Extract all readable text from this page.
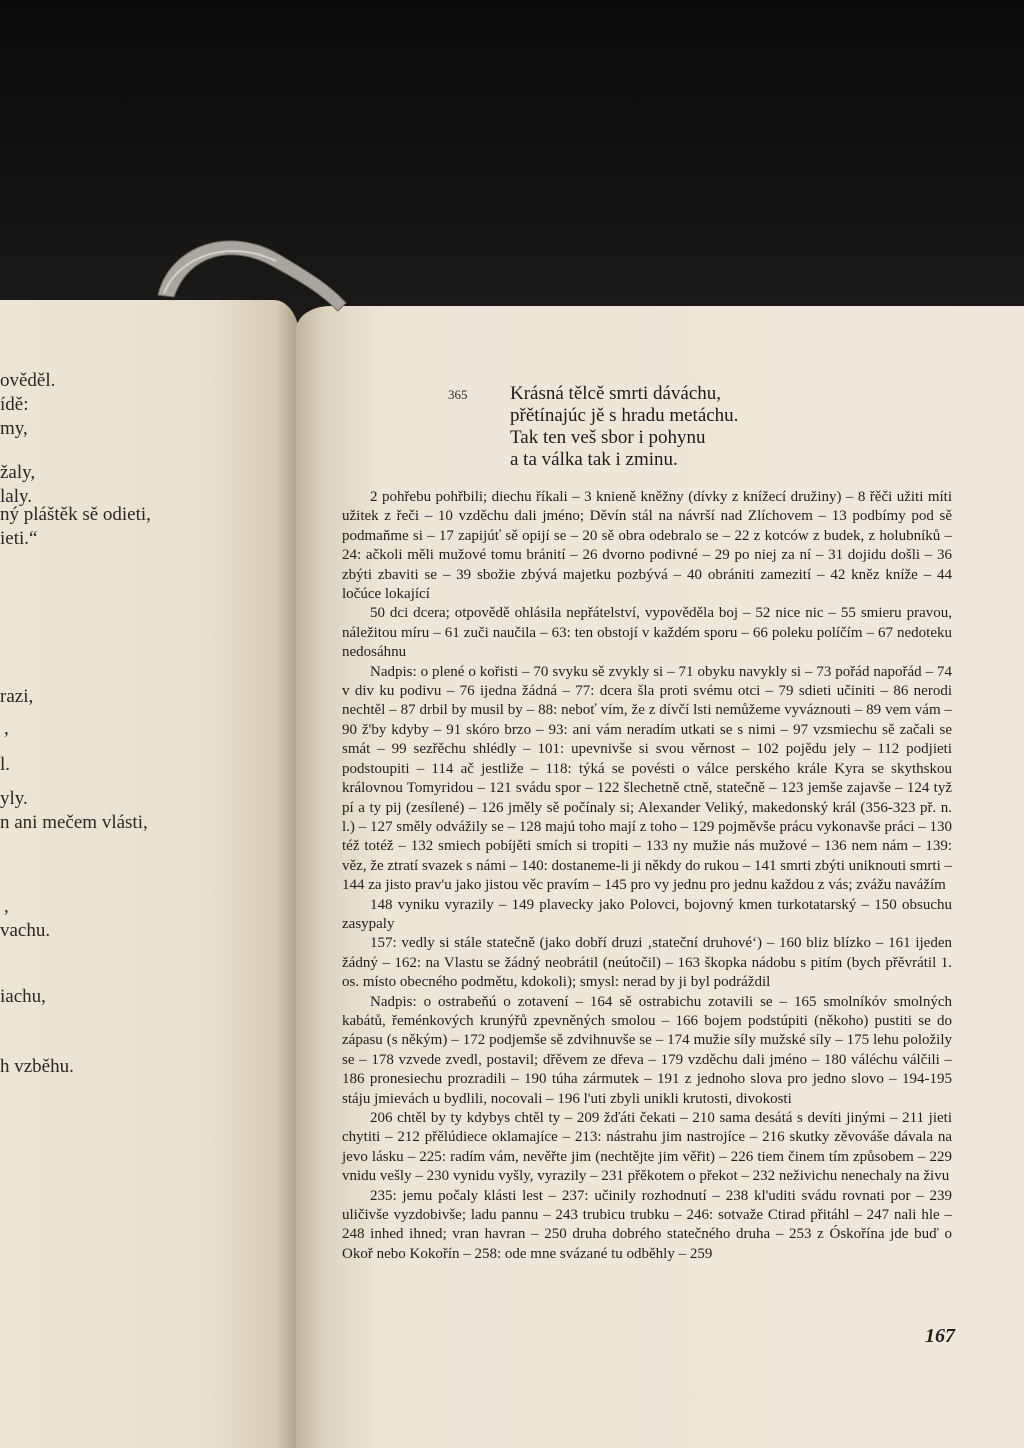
ověděl.
ídě:
my,
žaly,
laly.
ný pláštěk sě odieti,
ieti.“
razi,
,
l.
yly.
n ani mečem vlásti,
,
vachu.
iachu,
h vzběhu.
365 Krásná tělcě smrti dáváchu,
přětínajúc jě s hradu metáchu.
Tak ten veš sbor i pohynu
a ta válka tak i zminu.

2 pohřebu pohřbili; diechu říkali – 3 knieně kněžny (dívky z knížecí družiny) – 8 řěči užiti míti užitek z řeči – 10 vzděchu dali jméno; Děvín stál na návrší nad Zlíchovem – 13 podbímy pod sě podmaňme si – 17 zapijúť sě opijí se – 20 sě obra odebralo se – 22 z kotców z budek, z holubníků – 24: ačkoli měli mužové tomu bránití – 26 dvorno podivné – 29 po niej za ní – 31 dojidu došli – 36 zbýti zbaviti se – 39 sbožie zbývá majetku pozbývá – 40 obrániti zamezití – 42 kněz kníže – 44 ločúce lokající

50 dci dcera; otpovědě ohlásila nepřátelství, vypověděla boj – 52 nice nic – 55 smieru pravou, náležitou míru – 61 zuči naučila – 63: ten obstojí v každém sporu – 66 poleku políčím – 67 nedoteku nedosáhnu

Nadpis: o plené o kořisti – 70 svyku sě zvykly si – 71 obyku navykly si – 73 pořád napořád – 74 v div ku podivu – 76 ijedna žádná – 77: dcera šla proti svému otci – 79 sdieti učiniti – 86 nerodi nechtěl – 87 drbil by musil by – 88: neboť vím, že z dívčí lsti nemůžeme vyváznouti – 89 vem vám – 90 ž'by kdyby – 91 skóro brzo – 93: ani vám neradím utkati se s nimi – 97 vzsmiechu sě začali se smát – 99 sezřěchu shlédly – 101: upevnivše si svou věrnost – 102 pojědu jely – 112 podjieti podstoupiti – 114 ač jestliže – 118: týká se povésti o válce perského krále Kyra se skythskou královnou Tomyridou – 121 svádu spor – 122 šlechetně ctně, statečně – 123 jemše zajavše – 124 tyž pí a ty pij (zesílené) – 126 jměly sě počínaly si; Alexander Veliký, makedonský král (356-323 př. n. l.) – 127 směly odvážily se – 128 majú toho mají z toho – 129 pojměvše prácu vykonavše práci – 130 též totéž – 132 smiech pobíjěti smích si tropiti – 133 ny mužie nás mužové – 136 nem nám – 139: věz, že ztratí svazek s námi – 140: dostaneme-li ji někdy do rukou – 141 smrti zbýti uniknouti smrti – 144 za jisto prav'u jako jistou věc pravím – 145 pro vy jednu pro jednu každou z vás; zvážu navážím

148 vyniku vyrazily – 149 plavecky jako Polovci, bojovný kmen turkotatarský – 150 obsuchu zasypaly

157: vedly si stále statečně (jako dobří druzi ‚stateční druhové‘) – 160 bliz blízko – 161 ijeden žádný – 162: na Vlastu se žádný neobrátil (neútočil) – 163 škopka nádobu s pitím (bych přěvrátil 1. os. místo obecného podmětu, kdokoli); smysl: nerad by ji byl podráždil

Nadpis: o ostrabeňú o zotavení – 164 sě ostrabichu zotavili se – 165 smolníkóv smolných kabátů, řeménkových krunýřů zpevněných smolou – 166 bojem podstúpiti (někoho) pustiti se do zápasu (s někým) – 172 podjemše sě zdvihnuvše se – 174 mužie síly mužské síly – 175 lehu položily se – 178 vzvede zvedl, postavil; dřěvem ze dřeva – 179 vzděchu dali jméno – 180 váléchu válčili – 186 pronesiechu prozradili – 190 túha zármutek – 191 z jednoho slova pro jedno slovo – 194-195 stáju jmievách u bydlili, nocovali – 196 l'uti zbyli unikli krutosti, divokosti

206 chtěl by ty kdybys chtěl ty – 209 žďáti čekati – 210 sama desátá s devíti jinými – 211 jieti chytiti – 212 přělúdiece oklamajíce – 213: nástrahu jim nastrojíce – 216 skutky zěvováše dávala na jevo lásku – 225: radím vám, nevěřte jim (nechtějte jim věřit) – 226 tiem činem tím způsobem – 229 vnidu vešly – 230 vynidu vyšly, vyrazily – 231 přěkotem o překot – 232 neživichu nenechaly na živu

235: jemu počaly klásti lest – 237: učinily rozhodnutí – 238 kl'uditi svádu rovnati por – 239 uličivše vyzdobivše; ladu pannu – 243 trubicu trubku – 246: sotvaže Ctirad přitáhl – 247 nali hle – 248 inhed ihned; vran havran – 250 druha dobrého statečného druha – 253 z Óskořína jde buď o Okoř nebo Kokořín – 258: ode mne svázané tu odběhly – 259

167
